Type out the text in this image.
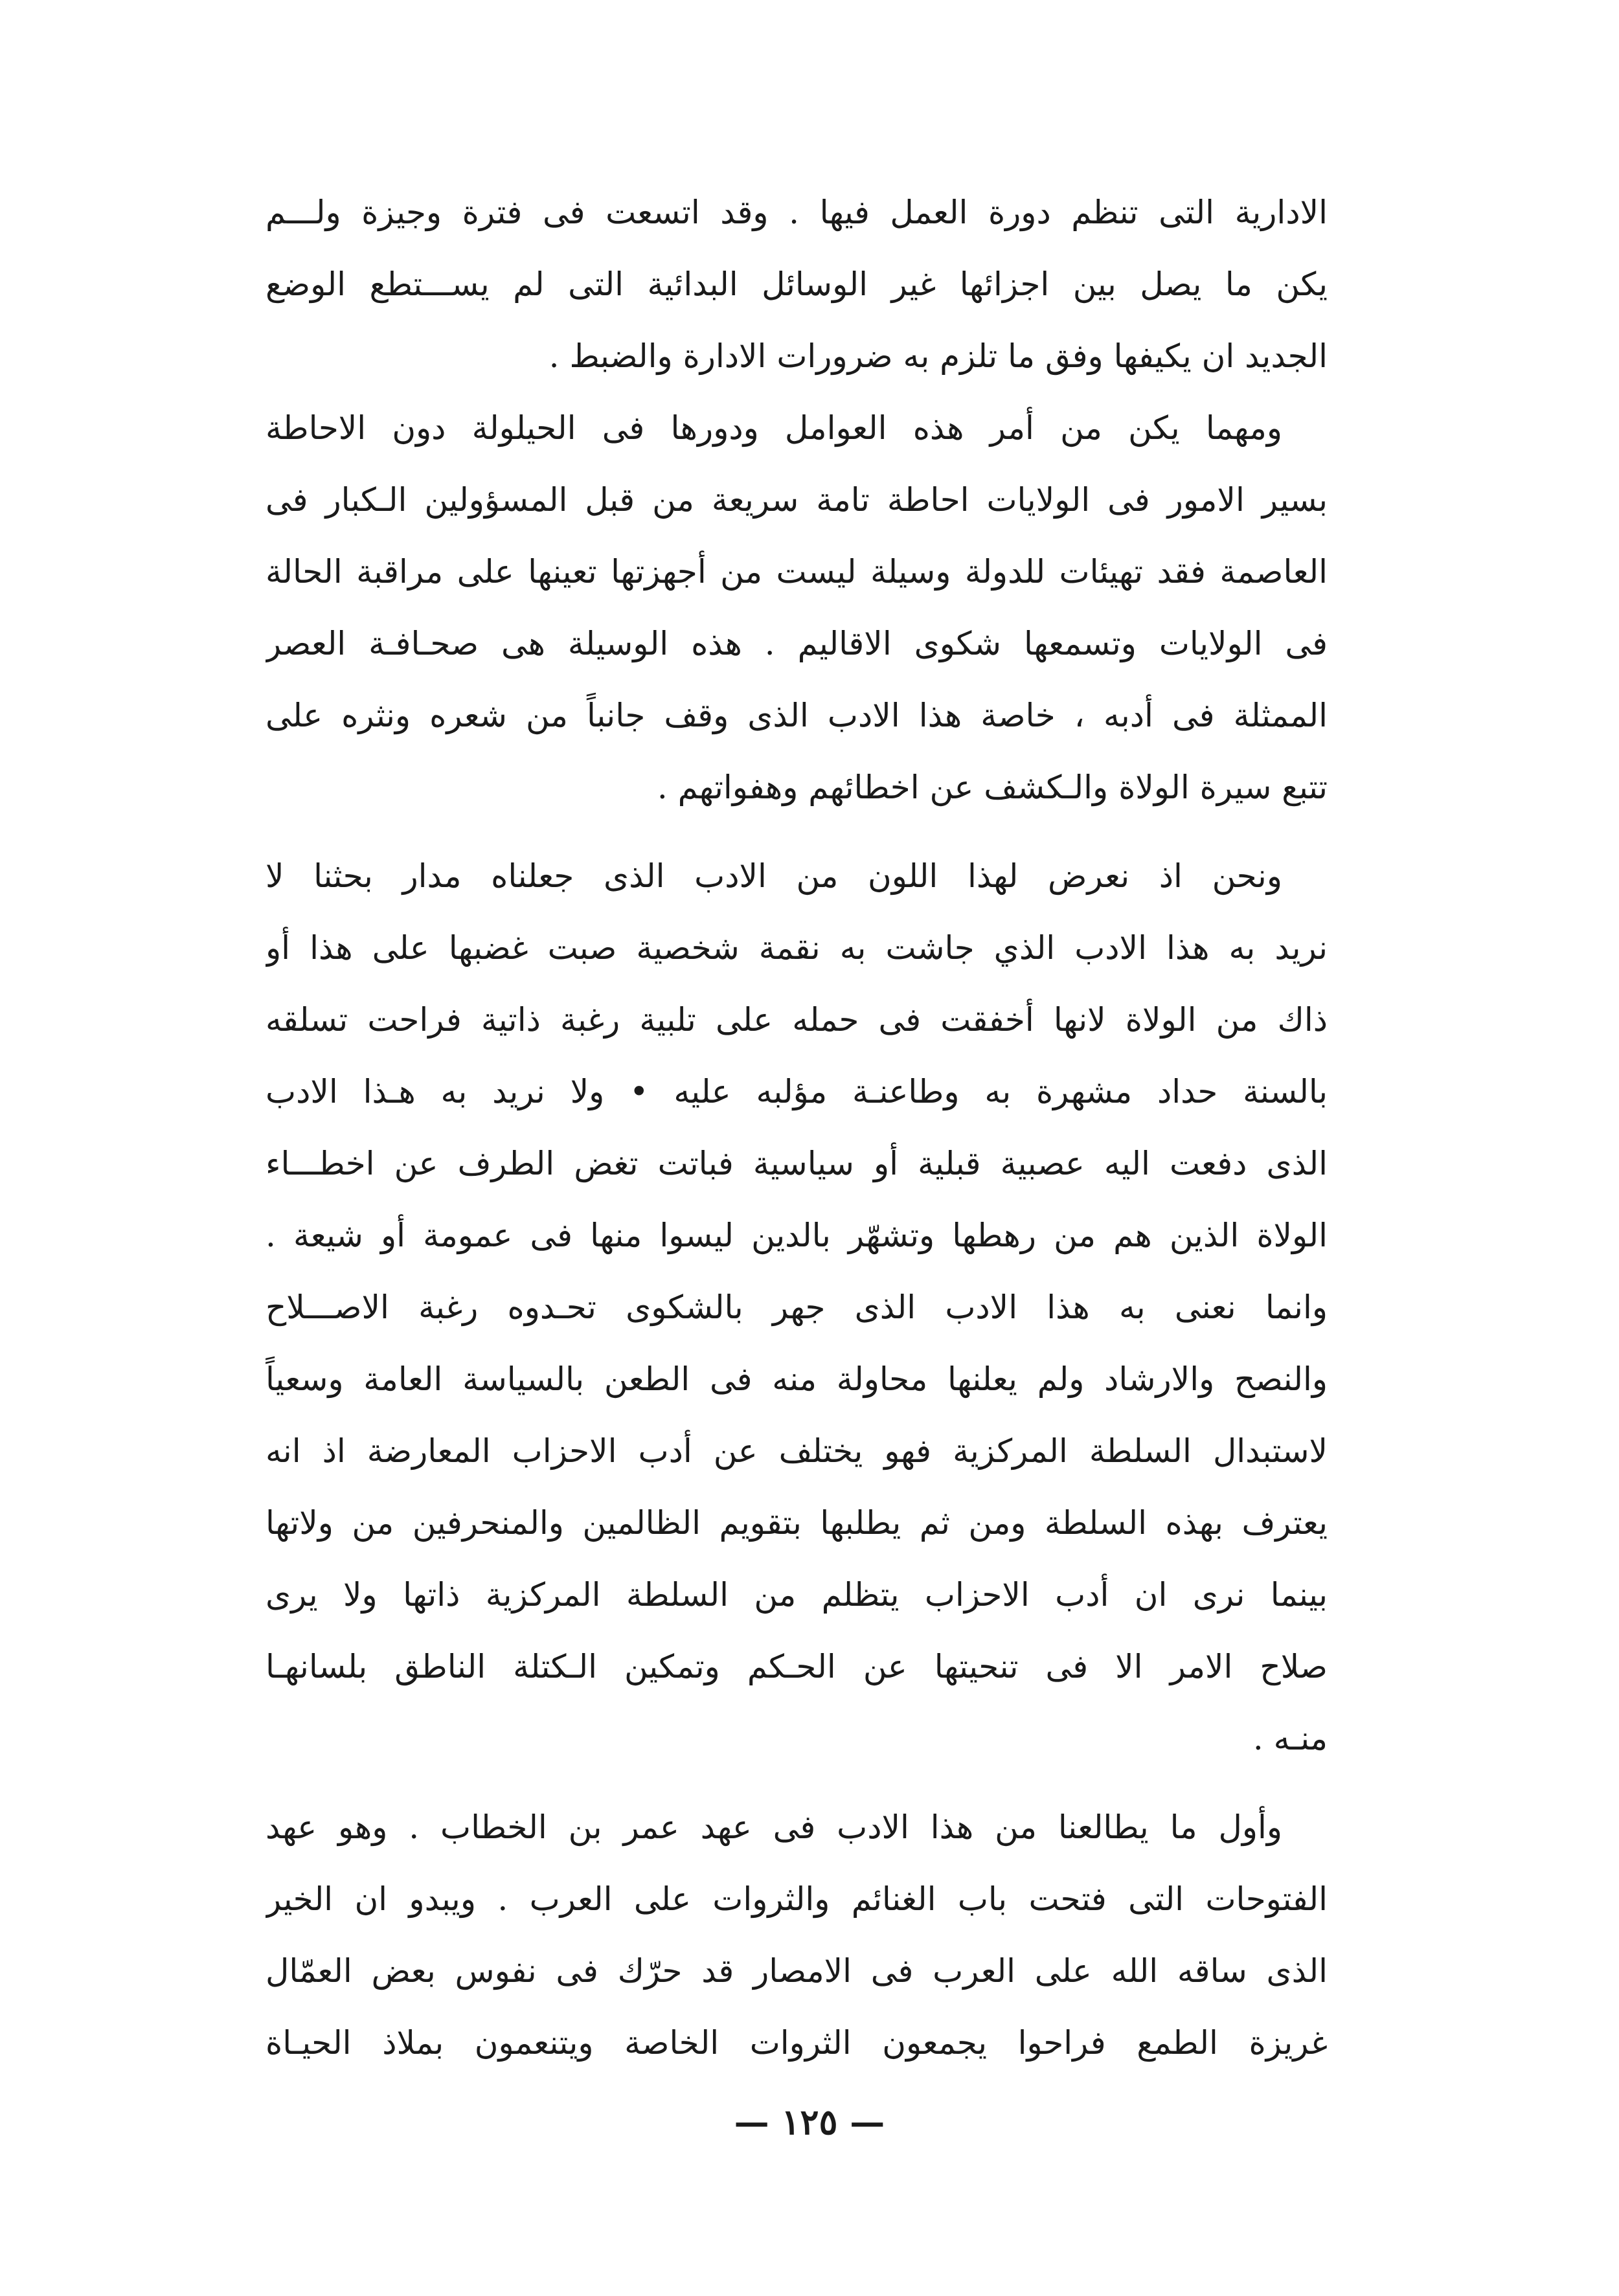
الادارية التى تنظم دورة العمل فيها . وقد اتسعت فى فترة وجيزة ولـــم
يكن ما يصل بين اجزائها غير الوسائل البدائية التى لم يســـتطع الوضع
الجديد ان يكيفها وفق ما تلزم به ضرورات الادارة والضبط .
ومهما يكن من أمر هذه العوامل ودورها فى الحيلولة دون الاحاطة
بسير الامور فى الولايات احاطة تامة سريعة من قبل المسؤولين الـكبار فى
العاصمة فقد تهيئات للدولة وسيلة ليست من أجهزتها تعينها على مراقبة الحالة
فى الولايات وتسمعها شكوى الاقاليم . هذه الوسيلة هى صحـافـة العصر
الممثلة فى أدبه ، خاصة هذا الادب الذى وقف جانباً من شعره ونثره على
تتبع سيرة الولاة والـكشف عن اخطائهم وهفواتهم .
ونحن اذ نعرض لهذا اللون من الادب الذى جعلناه مدار بحثنا لا
نريد به هذا الادب الذي جاشت به نقمة شخصية صبت غضبها على هذا أو
ذاك من الولاة لانها أخفقت فى حمله على تلبية رغبة ذاتية فراحت تسلقه
بالسنة حداد مشهرة به وطاعنـة مؤلبه عليه • ولا نريد به هـذا الادب
الذى دفعت اليه عصبية قبلية أو سياسية فباتت تغض الطرف عن اخطـــاء
الولاة الذين هم من رهطها وتشهّر بالدين ليسوا منها فى عمومة أو شيعة .
وانما نعنى به هذا الادب الذى جهر بالشكوى تحـدوه رغبة الاصـــلاح
والنصح والارشاد ولم يعلنها محاولة منه فى الطعن بالسياسة العامة وسعياً
لاستبدال السلطة المركزية فهو يختلف عن أدب الاحزاب المعارضة اذ انه
يعترف بهذه السلطة ومن ثم يطلبها بتقويم الظالمين والمنحرفين من ولاتها
بينما نرى ان أدب الاحزاب يتظلم من السلطة المركزية ذاتها ولا يرى
صلاح الامر الا فى تنحيتها عن الحـكم وتمكين الـكتلة الناطق بلسانهـا
منـه .
وأول ما يطالعنا من هذا الادب فى عهد عمر بن الخطاب . وهو عهد
الفتوحات التى فتحت باب الغنائم والثروات على العرب . ويبدو ان الخير
الذى ساقه الله على العرب فى الامصار قد حرّك فى نفوس بعض العمّال
غريزة الطمع فراحوا يجمعون الثروات الخاصة ويتنعمون بملاذ الحيـاة
— ١٢٥ —
